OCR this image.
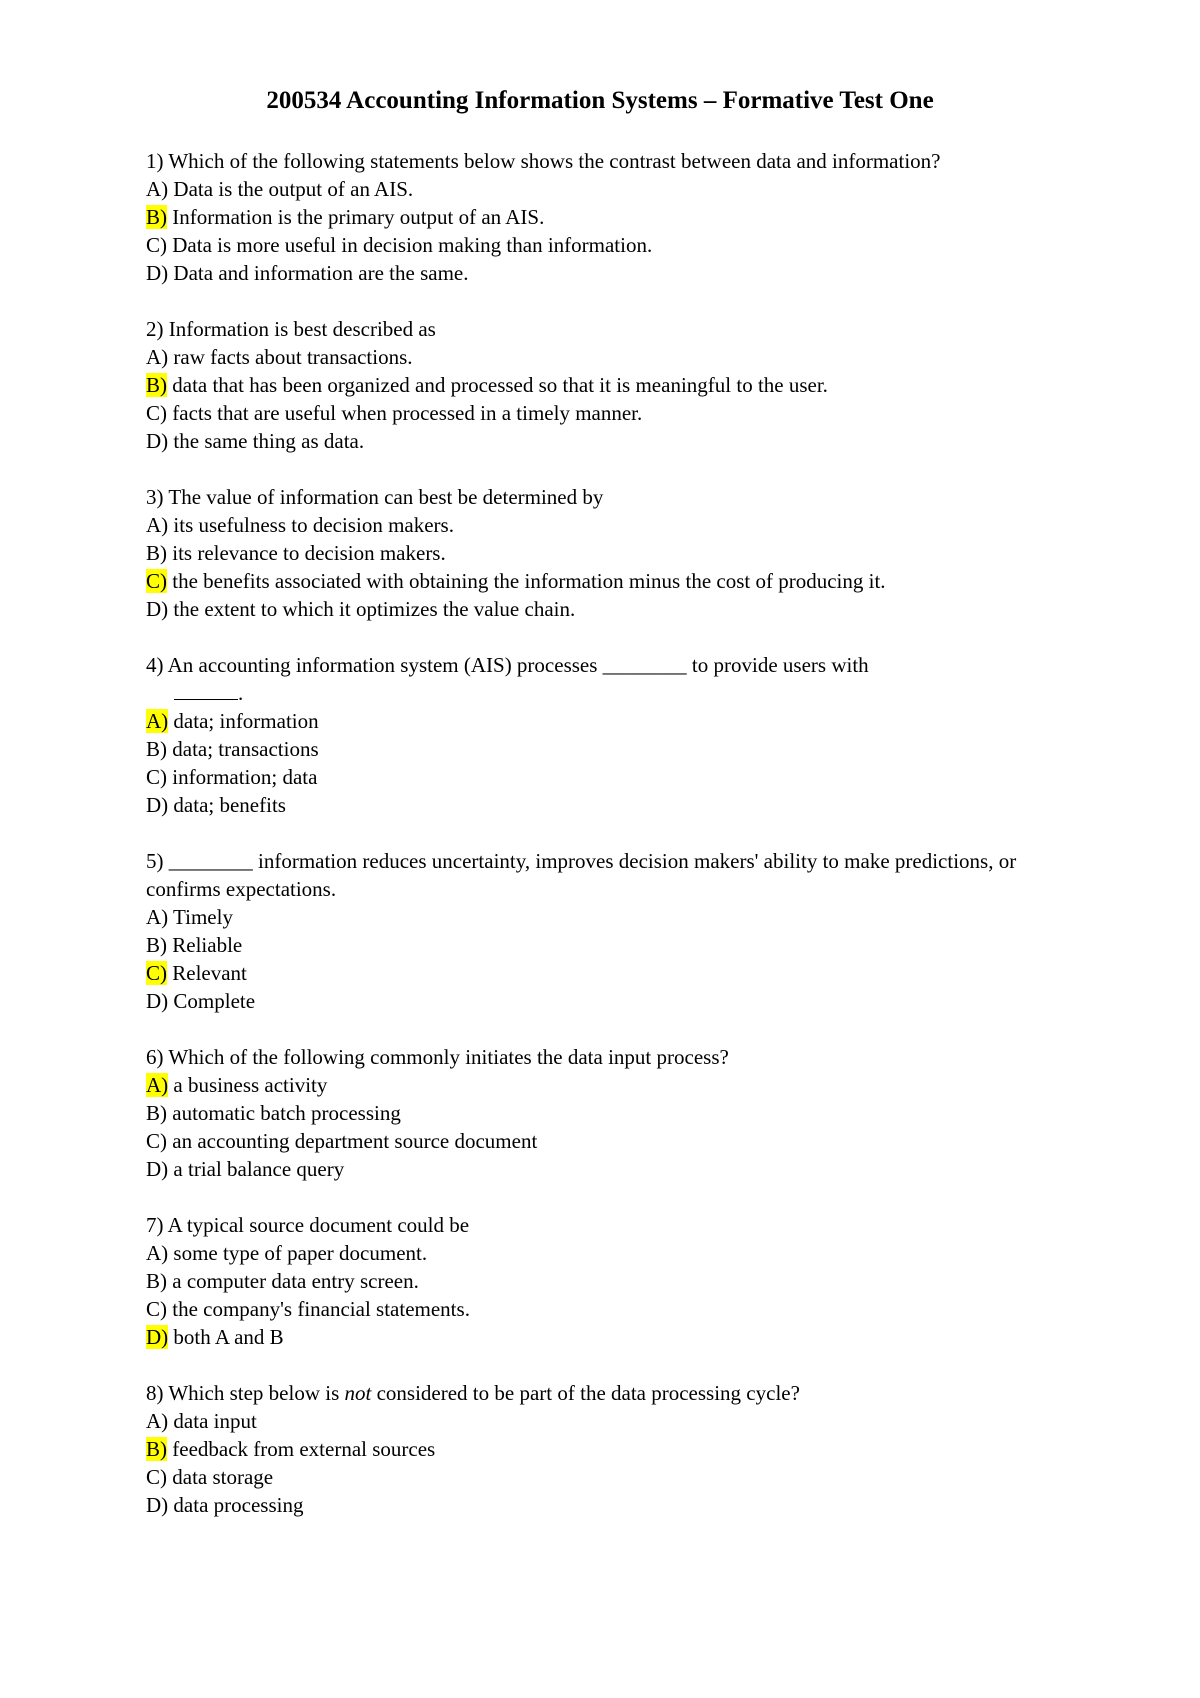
200534 Accounting Information Systems – Formative Test One
1) Which of the following statements below shows the contrast between data and information?
A) Data is the output of an AIS.
B) Information is the primary output of an AIS.
C) Data is more useful in decision making than information.
D) Data and information are the same.
2) Information is best described as
A) raw facts about transactions.
B) data that has been organized and processed so that it is meaningful to the user.
C) facts that are useful when processed in a timely manner.
D) the same thing as data.
3) The value of information can best be determined by
A) its usefulness to decision makers.
B) its relevance to decision makers.
C) the benefits associated with obtaining the information minus the cost of producing it.
D) the extent to which it optimizes the value chain.
4) An accounting information system (AIS) processes ________ to provide users with
.
A) data; information
B) data; transactions
C) information; data
D) data; benefits
5) ________ information reduces uncertainty, improves decision makers' ability to make predictions, or confirms expectations.
A) Timely
B) Reliable
C) Relevant
D) Complete
6) Which of the following commonly initiates the data input process?
A) a business activity
B) automatic batch processing
C) an accounting department source document
D) a trial balance query
7) A typical source document could be
A) some type of paper document.
B) a computer data entry screen.
C) the company's financial statements.
D) both A and B
8) Which step below is not considered to be part of the data processing cycle?
A) data input
B) feedback from external sources
C) data storage
D) data processing
